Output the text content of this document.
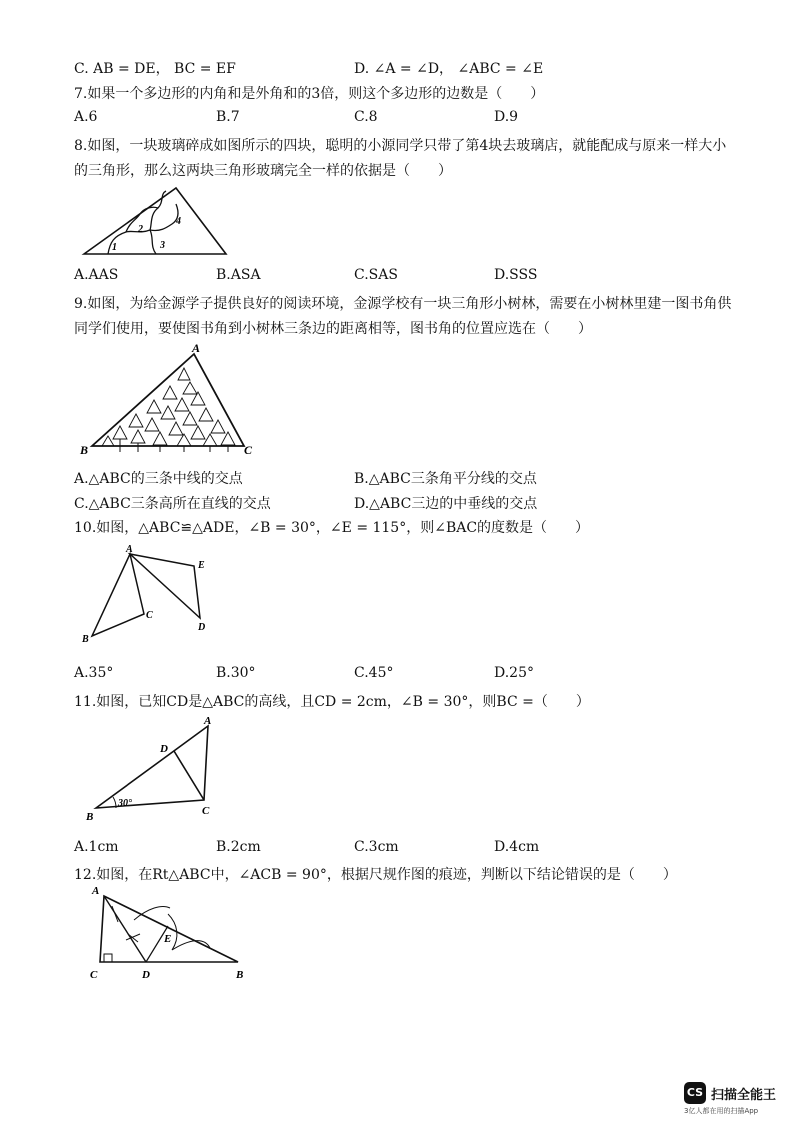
C. AB = DE， BC = EF	D. ∠A = ∠D， ∠ABC = ∠E
7.如果一个多边形的内角和是外角和的3倍，则这个多边形的边数是（　　）
A.6	B.7	C.8	D.9
8.如图，一块玻璃碎成如图所示的四块，聪明的小源同学只带了第4块去玻璃店，就能配成与原来一样大小
的三角形，那么这两块三角形玻璃完全一样的依据是（　　）
1
2
3
4
A.AAS	B.ASA	C.SAS	D.SSS
9.如图，为给金源学子提供良好的阅读环境，金源学校有一块三角形小树林，需要在小树林里建一图书角供
同学们使用，要使图书角到小树林三条边的距离相等，图书角的位置应选在（　　）
A
B	C
A.△ABC的三条中线的交点	B.△ABC三条角平分线的交点
C.△ABC三条高所在直线的交点	D.△ABC三边的中垂线的交点
10.如图，△ABC≌△ADE，∠B = 30°，∠E = 115°，则∠BAC的度数是（　　）
A
B
C
D
E
A.35°	B.30°	C.45°	D.25°
11.如图，已知CD是△ABC的高线，且CD = 2cm，∠B = 30°，则BC =（　　）
30°
A
B	C
D
A.1cm	B.2cm	C.3cm	D.4cm
12.如图，在Rt△ABC中，∠ACB = 90°，根据尺规作图的痕迹，判断以下结论错误的是（　　）
A
C	D
E
B
CS 扫描全能王
3亿人都在用的扫描App
